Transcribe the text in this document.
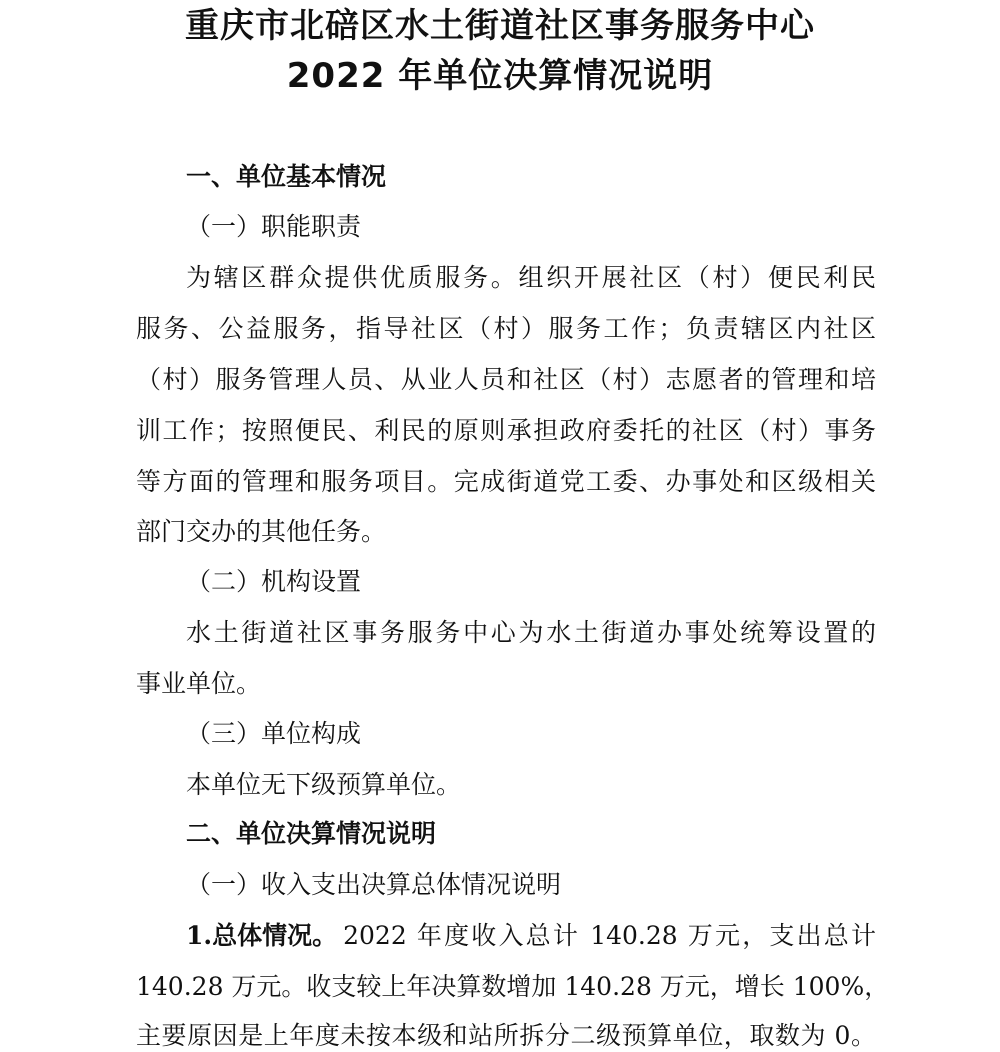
重庆市北碚区水土街道社区事务服务中心
2022 年单位决算情况说明
一、单位基本情况
（一）职能职责
为辖区群众提供优质服务。组织开展社区（村）便民利民
服务、公益服务，指导社区（村）服务工作；负责辖区内社区
（村）服务管理人员、从业人员和社区（村）志愿者的管理和培
训工作；按照便民、利民的原则承担政府委托的社区（村）事务
等方面的管理和服务项目。完成街道党工委、办事处和区级相关
部门交办的其他任务。
（二）机构设置
水土街道社区事务服务中心为水土街道办事处统筹设置的
事业单位。
（三）单位构成
本单位无下级预算单位。
二、单位决算情况说明
（一）收入支出决算总体情况说明
1.总体情况。 2022 年度收入总计 140.28 万元，支出总计
140.28 万元。收支较上年决算数增加 140.28 万元，增长 100%，
主要原因是上年度未按本级和站所拆分二级预算单位，取数为 0。
